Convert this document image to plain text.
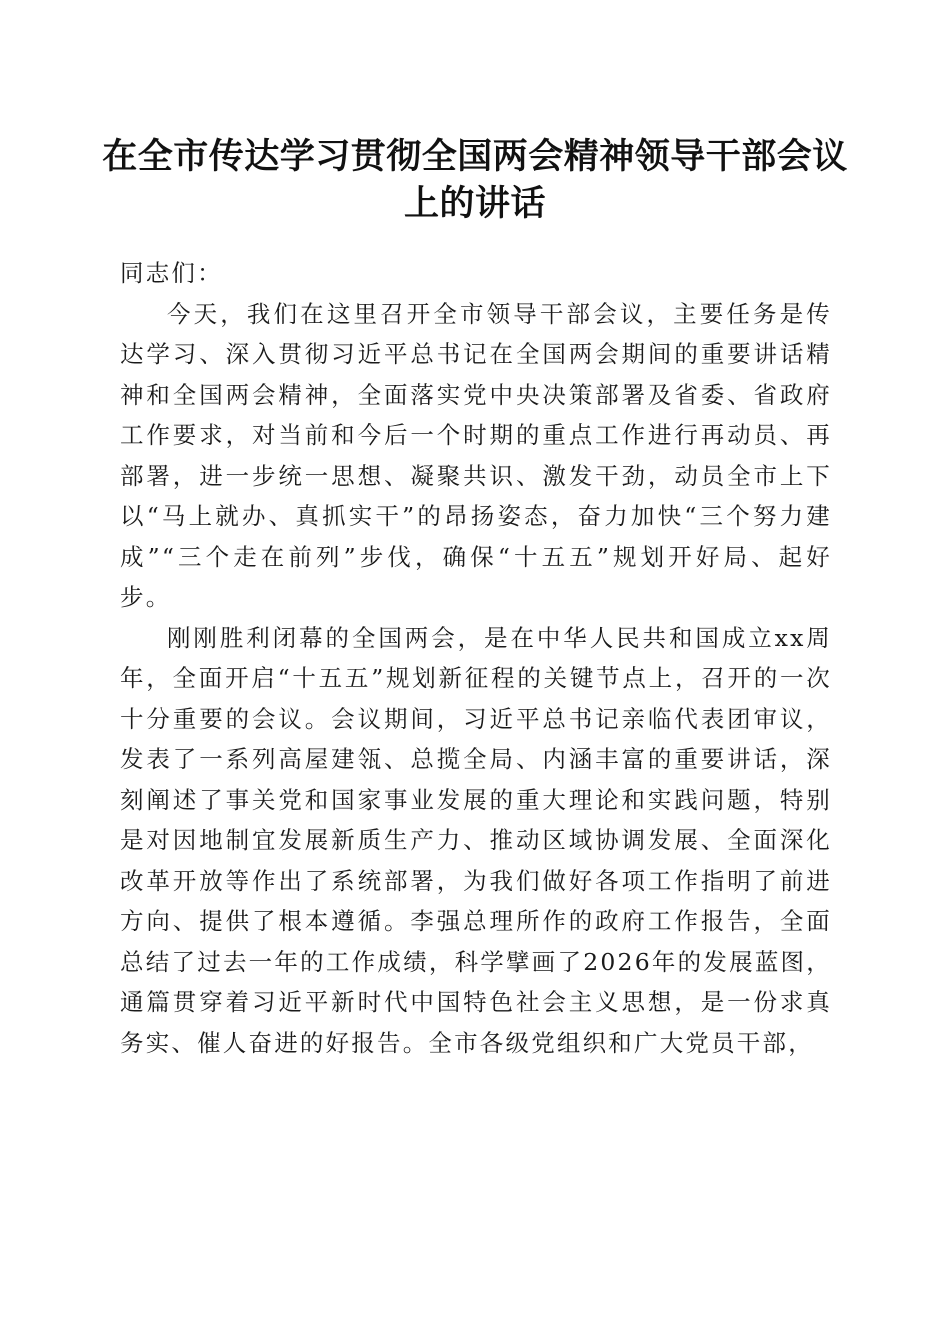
在全市传达学习贯彻全国两会精神领导干部会议上的讲话

同志们：

今天，我们在这里召开全市领导干部会议，主要任务是传达学习、深入贯彻习近平总书记在全国两会期间的重要讲话精神和全国两会精神，全面落实党中央决策部署及省委、省政府工作要求，对当前和今后一个时期的重点工作进行再动员、再部署，进一步统一思想、凝聚共识、激发干劲，动员全市上下以“马上就办、真抓实干”的昂扬姿态，奋力加快“三个努力建成”“三个走在前列”步伐，确保“十五五”规划开好局、起好步。

刚刚胜利闭幕的全国两会，是在中华人民共和国成立xx周年，全面开启“十五五”规划新征程的关键节点上，召开的一次十分重要的会议。会议期间，习近平总书记亲临代表团审议，发表了一系列高屋建瓴、总揽全局、内涵丰富的重要讲话，深刻阐述了事关党和国家事业发展的重大理论和实践问题，特别是对因地制宜发展新质生产力、推动区域协调发展、全面深化改革开放等作出了系统部署，为我们做好各项工作指明了前进方向、提供了根本遵循。李强总理所作的政府工作报告，全面总结了过去一年的工作成绩，科学擘画了2026年的发展蓝图，通篇贯穿着习近平新时代中国特色社会主义思想，是一份求真务实、催人奋进的好报告。全市各级党组织和广大党员干部，
